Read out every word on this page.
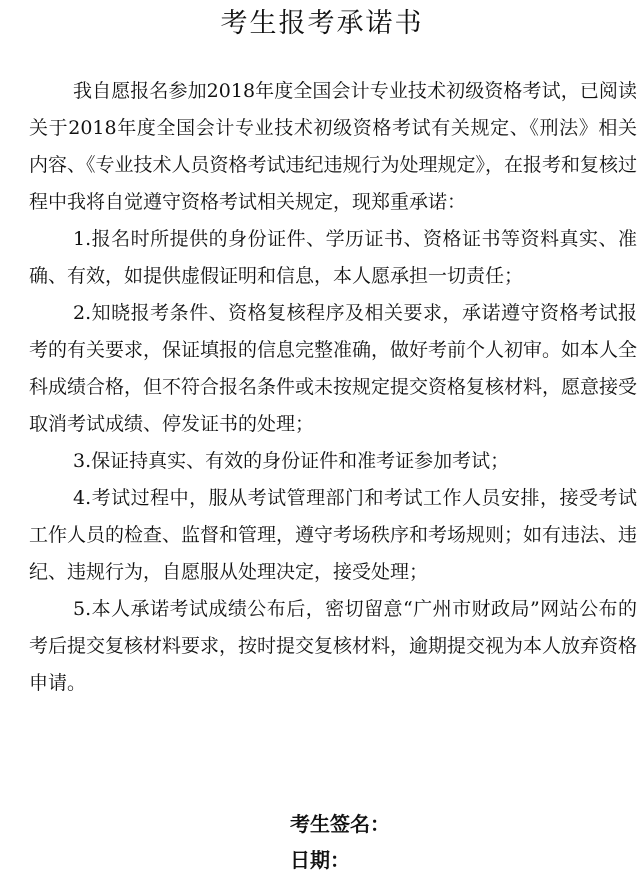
考生报考承诺书

我自愿报名参加2018年度全国会计专业技术初级资格考试，已阅读关于2018年度全国会计专业技术初级资格考试有关规定、《刑法》相关内容、《专业技术人员资格考试违纪违规行为处理规定》，在报考和复核过程中我将自觉遵守资格考试相关规定，现郑重承诺：

1.报名时所提供的身份证件、学历证书、资格证书等资料真实、准确、有效，如提供虚假证明和信息，本人愿承担一切责任；

2.知晓报考条件、资格复核程序及相关要求，承诺遵守资格考试报考的有关要求，保证填报的信息完整准确，做好考前个人初审。如本人全科成绩合格，但不符合报名条件或未按规定提交资格复核材料，愿意接受取消考试成绩、停发证书的处理；

3.保证持真实、有效的身份证件和准考证参加考试；

4.考试过程中，服从考试管理部门和考试工作人员安排，接受考试工作人员的检查、监督和管理，遵守考场秩序和考场规则；如有违法、违纪、违规行为，自愿服从处理决定，接受处理；

5.本人承诺考试成绩公布后，密切留意“广州市财政局”网站公布的考后提交复核材料要求，按时提交复核材料，逾期提交视为本人放弃资格申请。

考生签名：
日期：
